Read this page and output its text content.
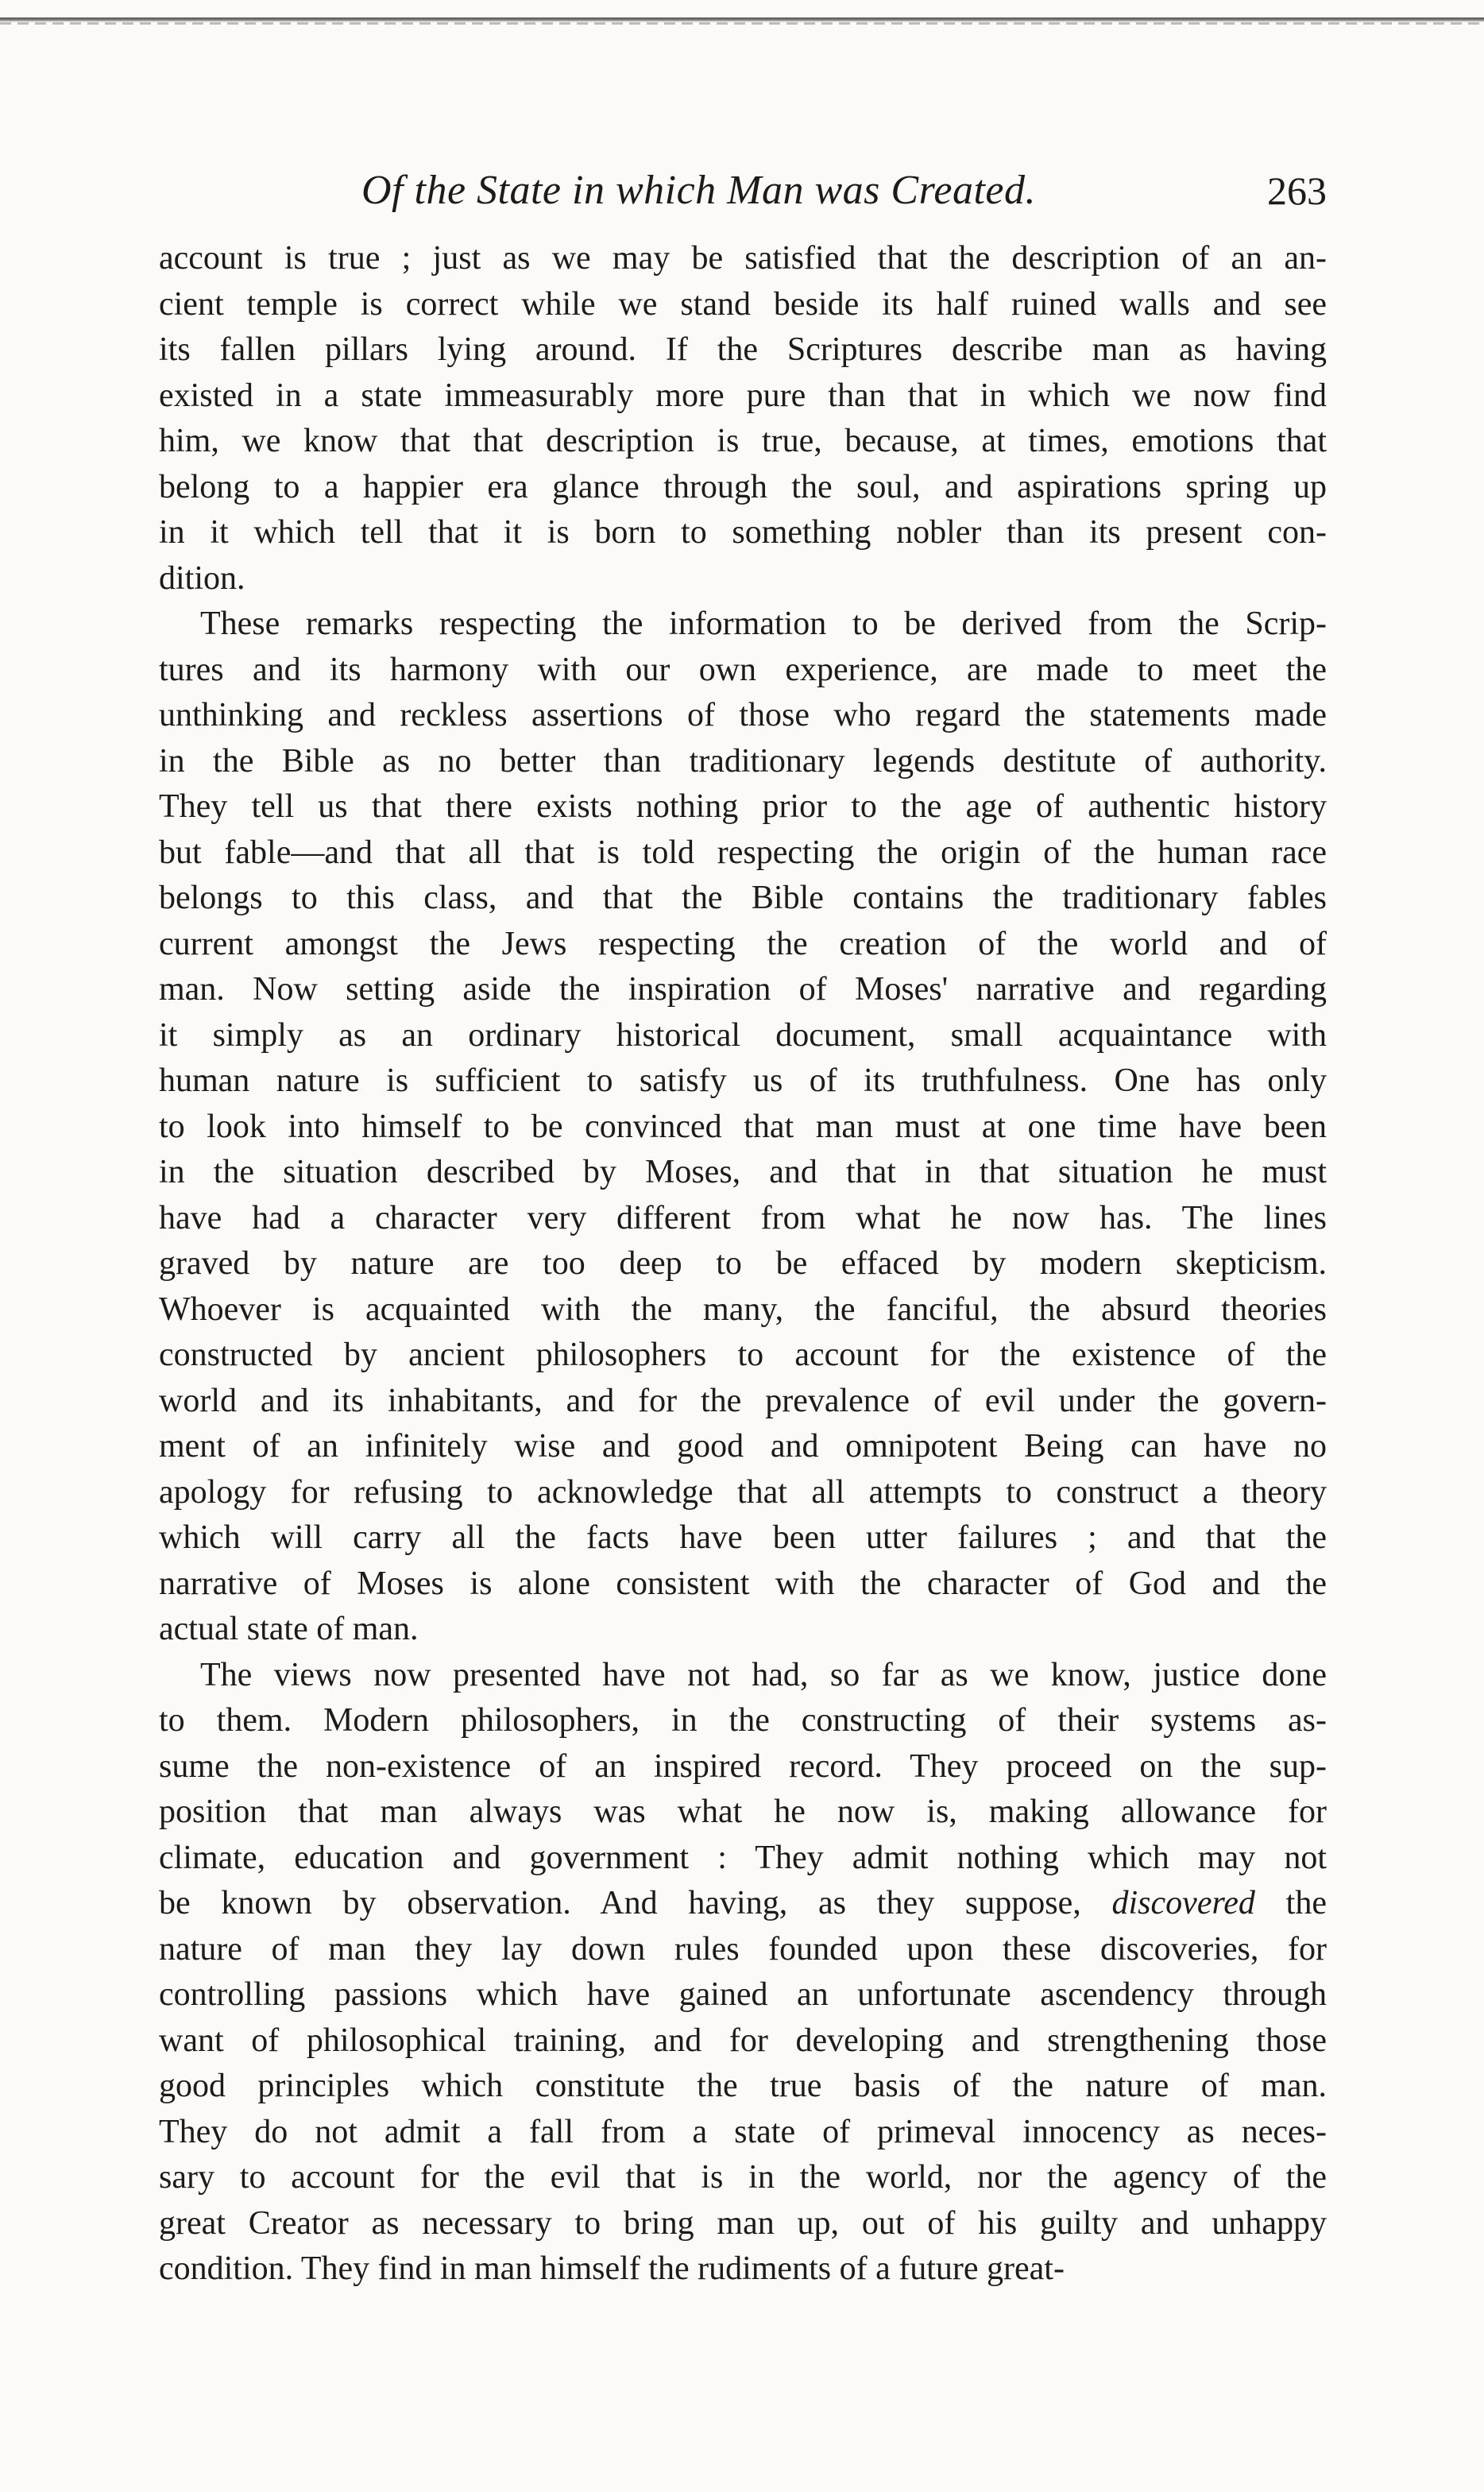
Of the State in which Man was Created.	263
account is true ; just as we may be satisfied that the description of an an-
cient temple is correct while we stand beside its half ruined walls and see
its fallen pillars lying around. If the Scriptures describe man as having
existed in a state immeasurably more pure than that in which we now find
him, we know that that description is true, because, at times, emotions that
belong to a happier era glance through the soul, and aspirations spring up
in it which tell that it is born to something nobler than its present con-
dition.
These remarks respecting the information to be derived from the Scrip-
tures and its harmony with our own experience, are made to meet the
unthinking and reckless assertions of those who regard the statements made
in the Bible as no better than traditionary legends destitute of authority.
They tell us that there exists nothing prior to the age of authentic history
but fable—and that all that is told respecting the origin of the human race
belongs to this class, and that the Bible contains the traditionary fables
current amongst the Jews respecting the creation of the world and of
man. Now setting aside the inspiration of Moses' narrative and regarding
it simply as an ordinary historical document, small acquaintance with
human nature is sufficient to satisfy us of its truthfulness. One has only
to look into himself to be convinced that man must at one time have been
in the situation described by Moses, and that in that situation he must
have had a character very different from what he now has. The lines
graved by nature are too deep to be effaced by modern skepticism.
Whoever is acquainted with the many, the fanciful, the absurd theories
constructed by ancient philosophers to account for the existence of the
world and its inhabitants, and for the prevalence of evil under the govern-
ment of an infinitely wise and good and omnipotent Being can have no
apology for refusing to acknowledge that all attempts to construct a theory
which will carry all the facts have been utter failures ; and that the
narrative of Moses is alone consistent with the character of God and the
actual state of man.
The views now presented have not had, so far as we know, justice done
to them. Modern philosophers, in the constructing of their systems as-
sume the non-existence of an inspired record. They proceed on the sup-
position that man always was what he now is, making allowance for
climate, education and government : They admit nothing which may not
be known by observation. And having, as they suppose, discovered the
nature of man they lay down rules founded upon these discoveries, for
controlling passions which have gained an unfortunate ascendency through
want of philosophical training, and for developing and strengthening those
good principles which constitute the true basis of the nature of man.
They do not admit a fall from a state of primeval innocency as neces-
sary to account for the evil that is in the world, nor the agency of the
great Creator as necessary to bring man up, out of his guilty and unhappy
condition. They find in man himself the rudiments of a future great-
